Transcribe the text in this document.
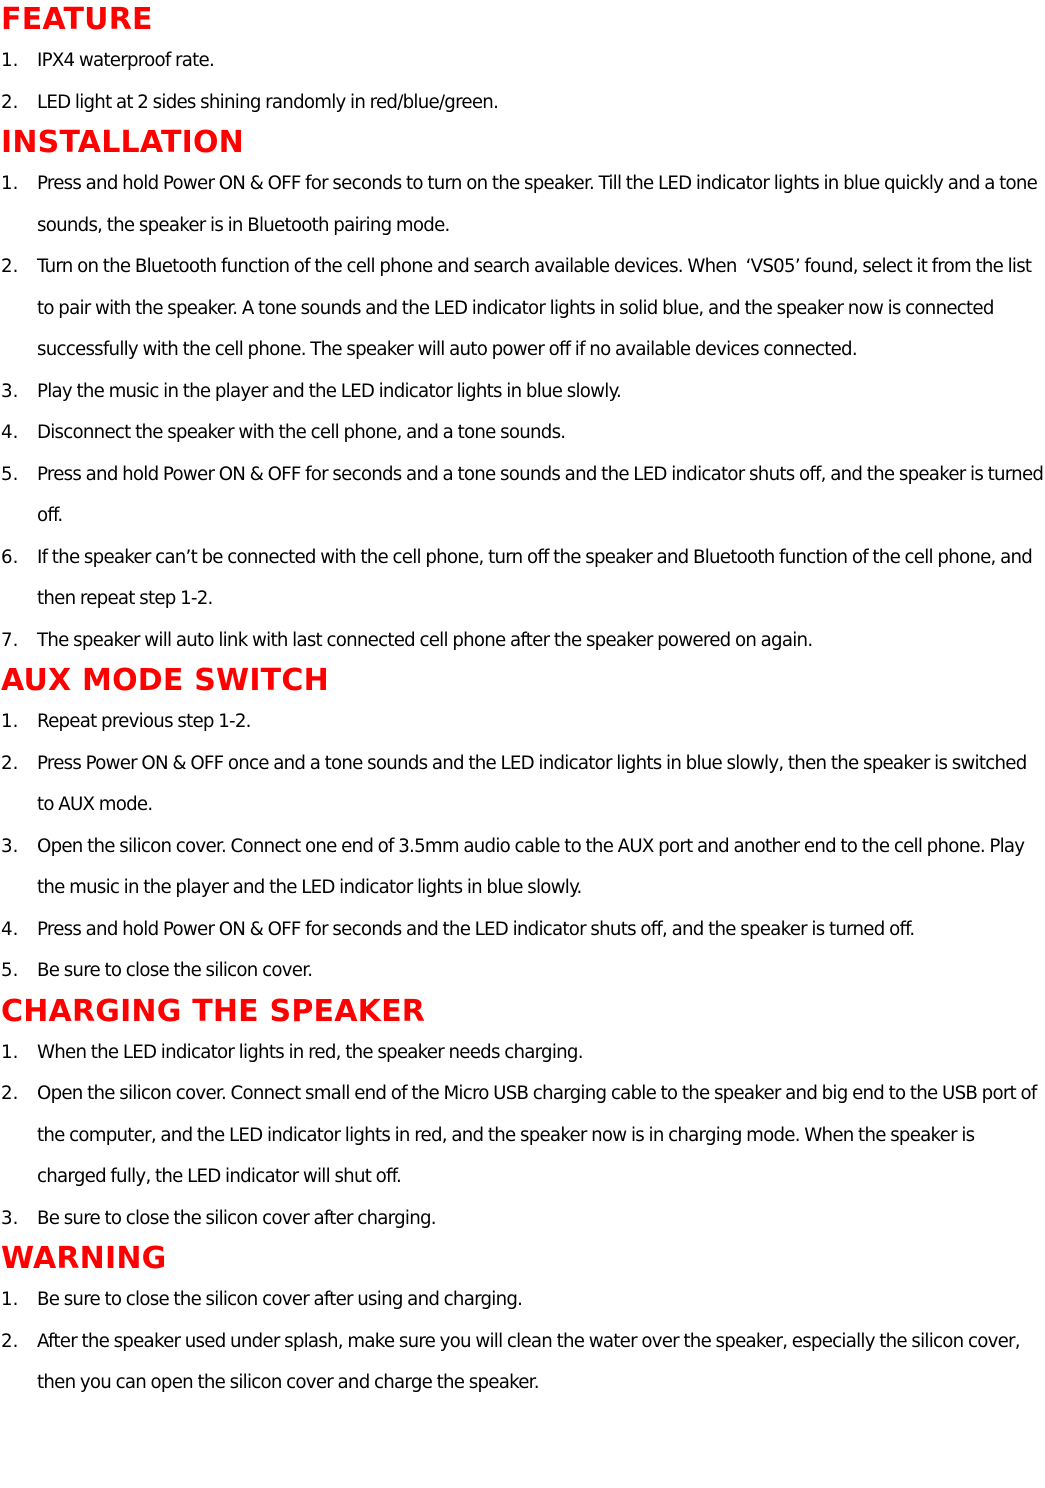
FEATURE
1.	IPX4 waterproof rate.
2.	LED light at 2 sides shining randomly in red/blue/green.
INSTALLATION
1.	Press and hold Power ON & OFF for seconds to turn on the speaker. Till the LED indicator lights in blue quickly and a tone sounds, the speaker is in Bluetooth pairing mode.
2.	Turn on the Bluetooth function of the cell phone and search available devices. When  ‘VS05’ found, select it from the list to pair with the speaker. A tone sounds and the LED indicator lights in solid blue, and the speaker now is connected successfully with the cell phone. The speaker will auto power off if no available devices connected.
3.	Play the music in the player and the LED indicator lights in blue slowly.
4.	Disconnect the speaker with the cell phone, and a tone sounds.
5.	Press and hold Power ON & OFF for seconds and a tone sounds and the LED indicator shuts off, and the speaker is turned off.
6.	If the speaker can’t be connected with the cell phone, turn off the speaker and Bluetooth function of the cell phone, and then repeat step 1-2.
7.	The speaker will auto link with last connected cell phone after the speaker powered on again.
AUX MODE SWITCH
1.	Repeat previous step 1-2.
2.	Press Power ON & OFF once and a tone sounds and the LED indicator lights in blue slowly, then the speaker is switched to AUX mode.
3.	Open the silicon cover. Connect one end of 3.5mm audio cable to the AUX port and another end to the cell phone. Play the music in the player and the LED indicator lights in blue slowly.
4.	Press and hold Power ON & OFF for seconds and the LED indicator shuts off, and the speaker is turned off.
5.	Be sure to close the silicon cover.
CHARGING THE SPEAKER
1.	When the LED indicator lights in red, the speaker needs charging.
2.	Open the silicon cover. Connect small end of the Micro USB charging cable to the speaker and big end to the USB port of the computer, and the LED indicator lights in red, and the speaker now is in charging mode. When the speaker is charged fully, the LED indicator will shut off.
3.	Be sure to close the silicon cover after charging.
WARNING
1.	Be sure to close the silicon cover after using and charging.
2.	After the speaker used under splash, make sure you will clean the water over the speaker, especially the silicon cover, then you can open the silicon cover and charge the speaker.
